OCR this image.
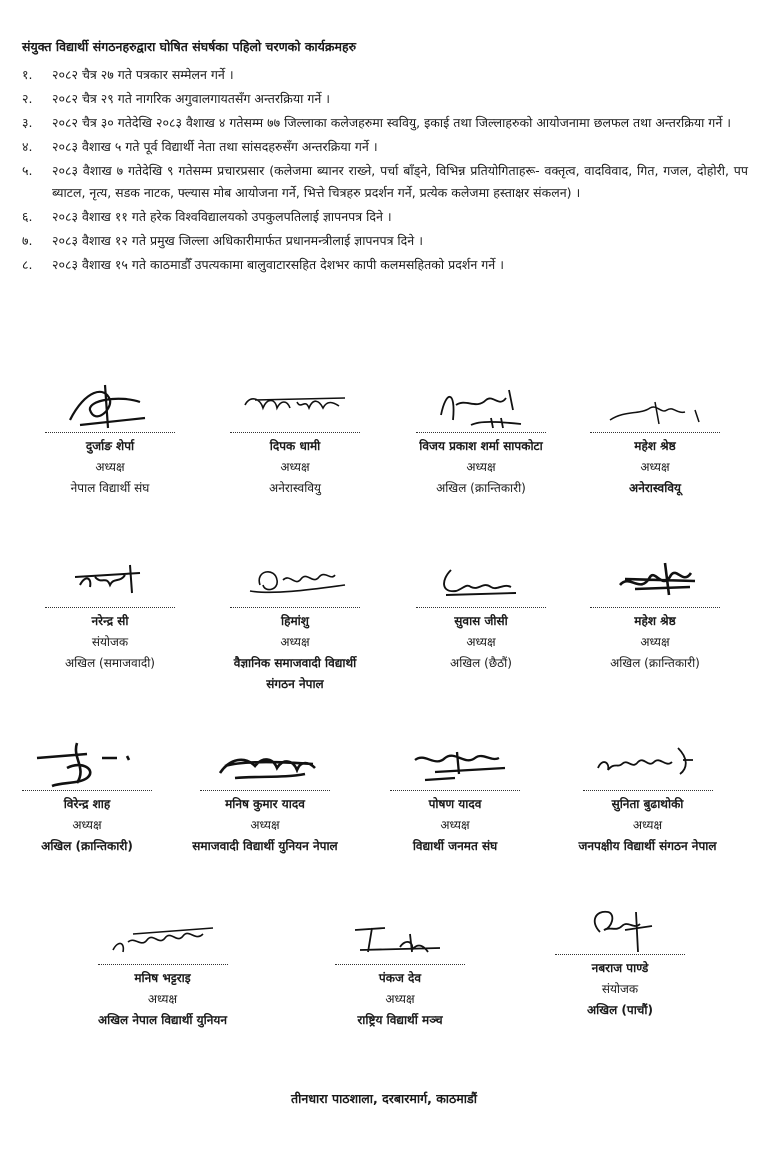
संयुक्त विद्यार्थी संगठनहरुद्वारा घोषित संघर्षका पहिलो चरणको कार्यक्रमहरु
१.	२०८२ चैत्र २७ गते पत्रकार सम्मेलन गर्ने ।
२.	२०८२ चैत्र २९ गते नागरिक अगुवालगायतसँग अन्तरक्रिया गर्ने ।
३.	२०८२ चैत्र ३० गतेदेखि २०८३ वैशाख ४ गतेसम्म ७७ जिल्लाका कलेजहरुमा स्ववियु, इकाई तथा जिल्लाहरुको आयोजनामा छलफल तथा अन्तरक्रिया गर्ने ।
४.	२०८३ वैशाख ५ गते पूर्व विद्यार्थी नेता तथा सांसदहरुसँग अन्तरक्रिया गर्ने ।
५.	२०८३ वैशाख ७ गतेदेखि ९ गतेसम्म प्रचारप्रसार (कलेजमा ब्यानर राख्ने, पर्चा बाँड्ने, विभिन्न प्रतियोगिताहरू- वक्तृत्व, वादविवाद, गित, गजल, दोहोरी, पप ब्याटल, नृत्य, सडक नाटक, फ्ल्यास मोब आयोजना गर्ने, भित्ते चित्रहरु प्रदर्शन गर्ने, प्रत्येक कलेजमा हस्ताक्षर संकलन) ।
६.	२०८३ वैशाख ११ गते हरेक विश्वविद्यालयको उपकुलपतिलाई ज्ञापनपत्र दिने ।
७.	२०८३ वैशाख १२ गते प्रमुख जिल्ला अधिकारीमार्फत प्रधानमन्त्रीलाई ज्ञापनपत्र दिने ।
८.	२०८३ वैशाख १५ गते काठमाडौँ उपत्यकामा बालुवाटारसहित देशभर कापी कलमसहितको प्रदर्शन गर्ने ।
दुर्जाङ शेर्पा
अध्यक्ष
नेपाल विद्यार्थी संघ
दिपक धामी
अध्यक्ष
अनेरास्ववियु
विजय प्रकाश शर्मा सापकोटा
अध्यक्ष
अखिल (क्रान्तिकारी)
महेश श्रेष्ठ
अध्यक्ष
अनेरास्ववियू
नरेन्द्र सी
संयोजक
अखिल (समाजवादी)
हिमांशु
अध्यक्ष
वैज्ञानिक समाजवादी विद्यार्थी
संगठन नेपाल
सुवास जीसी
अध्यक्ष
अखिल (छैठौं)
महेश श्रेष्ठ
अध्यक्ष
अखिल (क्रान्तिकारी)
विरेन्द्र शाह
अध्यक्ष
अखिल (क्रान्तिकारी)
मनिष कुमार यादव
अध्यक्ष
समाजवादी विद्यार्थी युनियन नेपाल
पोषण यादव
अध्यक्ष
विद्यार्थी जनमत संघ
सुनिता बुढाथोकी
अध्यक्ष
जनपक्षीय विद्यार्थी संगठन नेपाल
मनिष भट्टराइ
अध्यक्ष
अखिल नेपाल विद्यार्थी युनियन
पंकज देव
अध्यक्ष
राष्ट्रिय विद्यार्थी मञ्च
नबराज पाण्डे
संयोजक
अखिल (पाचौं)
तीनधारा पाठशाला, दरबारमार्ग, काठमाडौं
